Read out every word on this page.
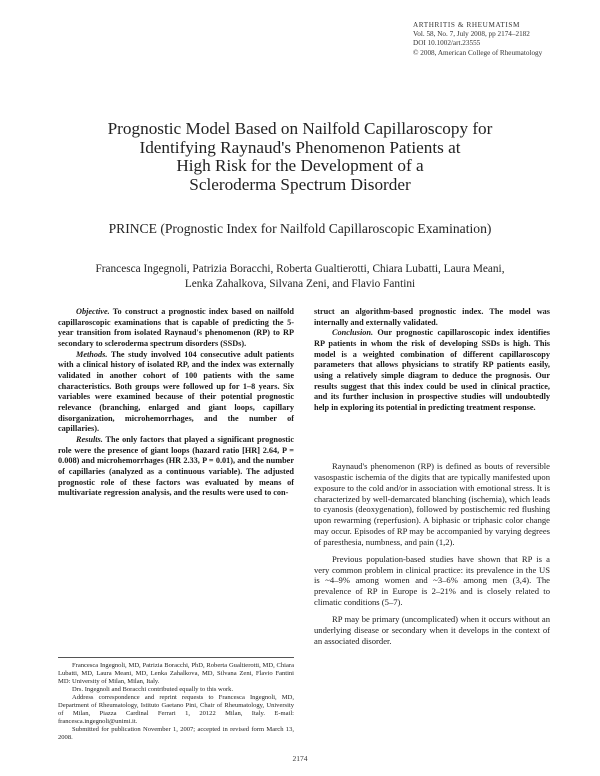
ARTHRITIS & RHEUMATISM
Vol. 58, No. 7, July 2008, pp 2174–2182
DOI 10.1002/art.23555
© 2008, American College of Rheumatology
Prognostic Model Based on Nailfold Capillaroscopy for
Identifying Raynaud's Phenomenon Patients at
High Risk for the Development of a
Scleroderma Spectrum Disorder
PRINCE (Prognostic Index for Nailfold Capillaroscopic Examination)
Francesca Ingegnoli, Patrizia Boracchi, Roberta Gualtierotti, Chiara Lubatti, Laura Meani,
Lenka Zahalkova, Silvana Zeni, and Flavio Fantini

Objective. To construct a prognostic index based on nailfold capillaroscopic examinations that is capable of predicting the 5-year transition from isolated Raynaud's phenomenon (RP) to RP secondary to scleroderma spectrum disorders (SSDs).

Methods. The study involved 104 consecutive adult patients with a clinical history of isolated RP, and the index was externally validated in another cohort of 100 patients with the same characteristics. Both groups were followed up for 1–8 years. Six variables were examined because of their potential prognostic relevance (branching, enlarged and giant loops, capillary disorganization, microhemorrhages, and the number of capillaries).

Results. The only factors that played a significant prognostic role were the presence of giant loops (hazard ratio [HR] 2.64, P = 0.008) and microhemorrhages (HR 2.33, P = 0.01), and the number of capillaries (analyzed as a continuous variable). The adjusted prognostic role of these factors was evaluated by means of multivariate regression analysis, and the results were used to con-

struct an algorithm-based prognostic index. The model was internally and externally validated.

Conclusion. Our prognostic capillaroscopic index identifies RP patients in whom the risk of developing SSDs is high. This model is a weighted combination of different capillaroscopy parameters that allows physicians to stratify RP patients easily, using a relatively simple diagram to deduce the prognosis. Our results suggest that this index could be used in clinical practice, and its further inclusion in prospective studies will undoubtedly help in exploring its potential in predicting treatment response.

Raynaud's phenomenon (RP) is defined as bouts of reversible vasospastic ischemia of the digits that are typically manifested upon exposure to the cold and/or in association with emotional stress. It is characterized by well-demarcated blanching (ischemia), which leads to cyanosis (deoxygenation), followed by postischemic red flushing upon rewarming (reperfusion). A biphasic or triphasic color change may occur. Episodes of RP may be accompanied by varying degrees of paresthesia, numbness, and pain (1,2).

Previous population-based studies have shown that RP is a very common problem in clinical practice: its prevalence in the US is ~4–9% among women and ~3–6% among men (3,4). The prevalence of RP in Europe is 2–21% and is closely related to climatic conditions (5–7).

RP may be primary (uncomplicated) when it occurs without an underlying disease or secondary when it develops in the context of an associated disorder.

Francesca Ingegnoli, MD, Patrizia Boracchi, PhD, Roberta Gualtierotti, MD, Chiara Lubatti, MD, Laura Meani, MD, Lenka Zahalkova, MD, Silvana Zeni, Flavio Fantini MD: University of Milan, Milan, Italy.

Drs. Ingegnoli and Boracchi contributed equally to this work.

Address correspondence and reprint requests to Francesca Ingegnoli, MD, Department of Rheumatology, Istituto Gaetano Pini, Chair of Rheumatology, University of Milan, Piazza Cardinal Ferrari 1, 20122 Milan, Italy. E-mail: francesca.ingegnoli@unimi.it.

Submitted for publication November 1, 2007; accepted in revised form March 13, 2008.

2174
